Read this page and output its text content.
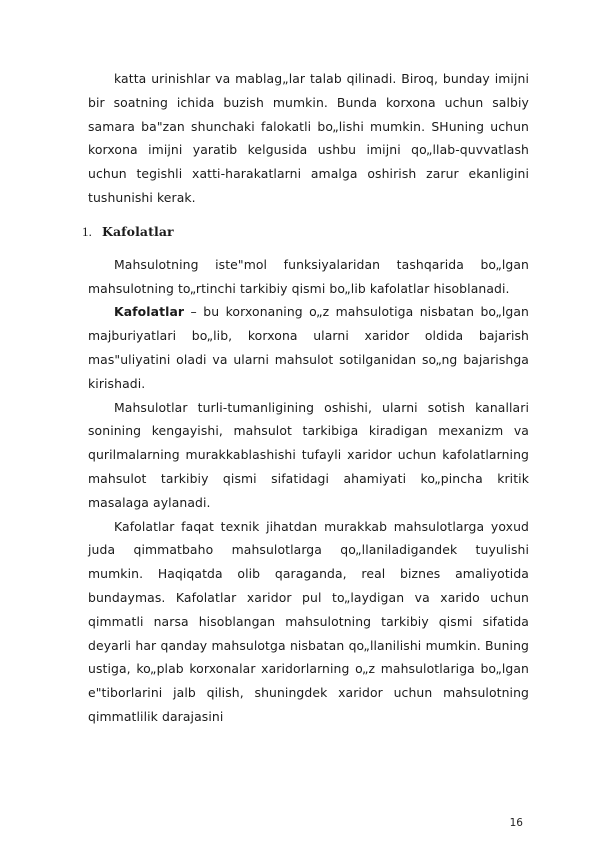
katta urinishlar va mablag„lar talab qilinadi. Biroq, bunday imijni bir soatning ichida buzish mumkin. Bunda korxona uchun salbiy samara ba"zan shunchaki falokatli bo„lishi mumkin. SHuning uchun korxona imijni yaratib kelgusida ushbu imijni qo„llab-quvvatlash uchun tegishli xatti-harakatlarni amalga oshirish zarur ekanligini tushunishi kerak.

1. Kafolatlar

Mahsulotning iste"mol funksiyalaridan tashqarida bo„lgan mahsulotning to„rtinchi tarkibiy qismi bo„lib kafolatlar hisoblanadi.

Kafolatlar – bu korxonaning o„z mahsulotiga nisbatan bo„lgan majburiyatlari bo„lib, korxona ularni xaridor oldida bajarish mas"uliyatini oladi va ularni mahsulot sotilganidan so„ng bajarishga kirishadi.

Mahsulotlar turli-tumanligining oshishi, ularni sotish kanallari sonining kengayishi, mahsulot tarkibiga kiradigan mexanizm va qurilmalarning murakkablashishi tufayli xaridor uchun kafolatlarning mahsulot tarkibiy qismi sifatidagi ahamiyati ko„pincha kritik masalaga aylanadi.

Kafolatlar faqat texnik jihatdan murakkab mahsulotlarga yoxud juda qimmatbaho mahsulotlarga qo„llaniladigandek tuyulishi mumkin. Haqiqatda olib qaraganda, real biznes amaliyotida bundaymas. Kafolatlar xaridor pul to„laydigan va xarido uchun qimmatli narsa hisoblangan mahsulotning tarkibiy qismi sifatida deyarli har qanday mahsulotga nisbatan qo„llanilishi mumkin. Buning ustiga, ko„plab korxonalar xaridorlarning o„z mahsulotlariga bo„lgan e"tiborlarini jalb qilish, shuningdek xaridor uchun mahsulotning qimmatlilik darajasini

16
